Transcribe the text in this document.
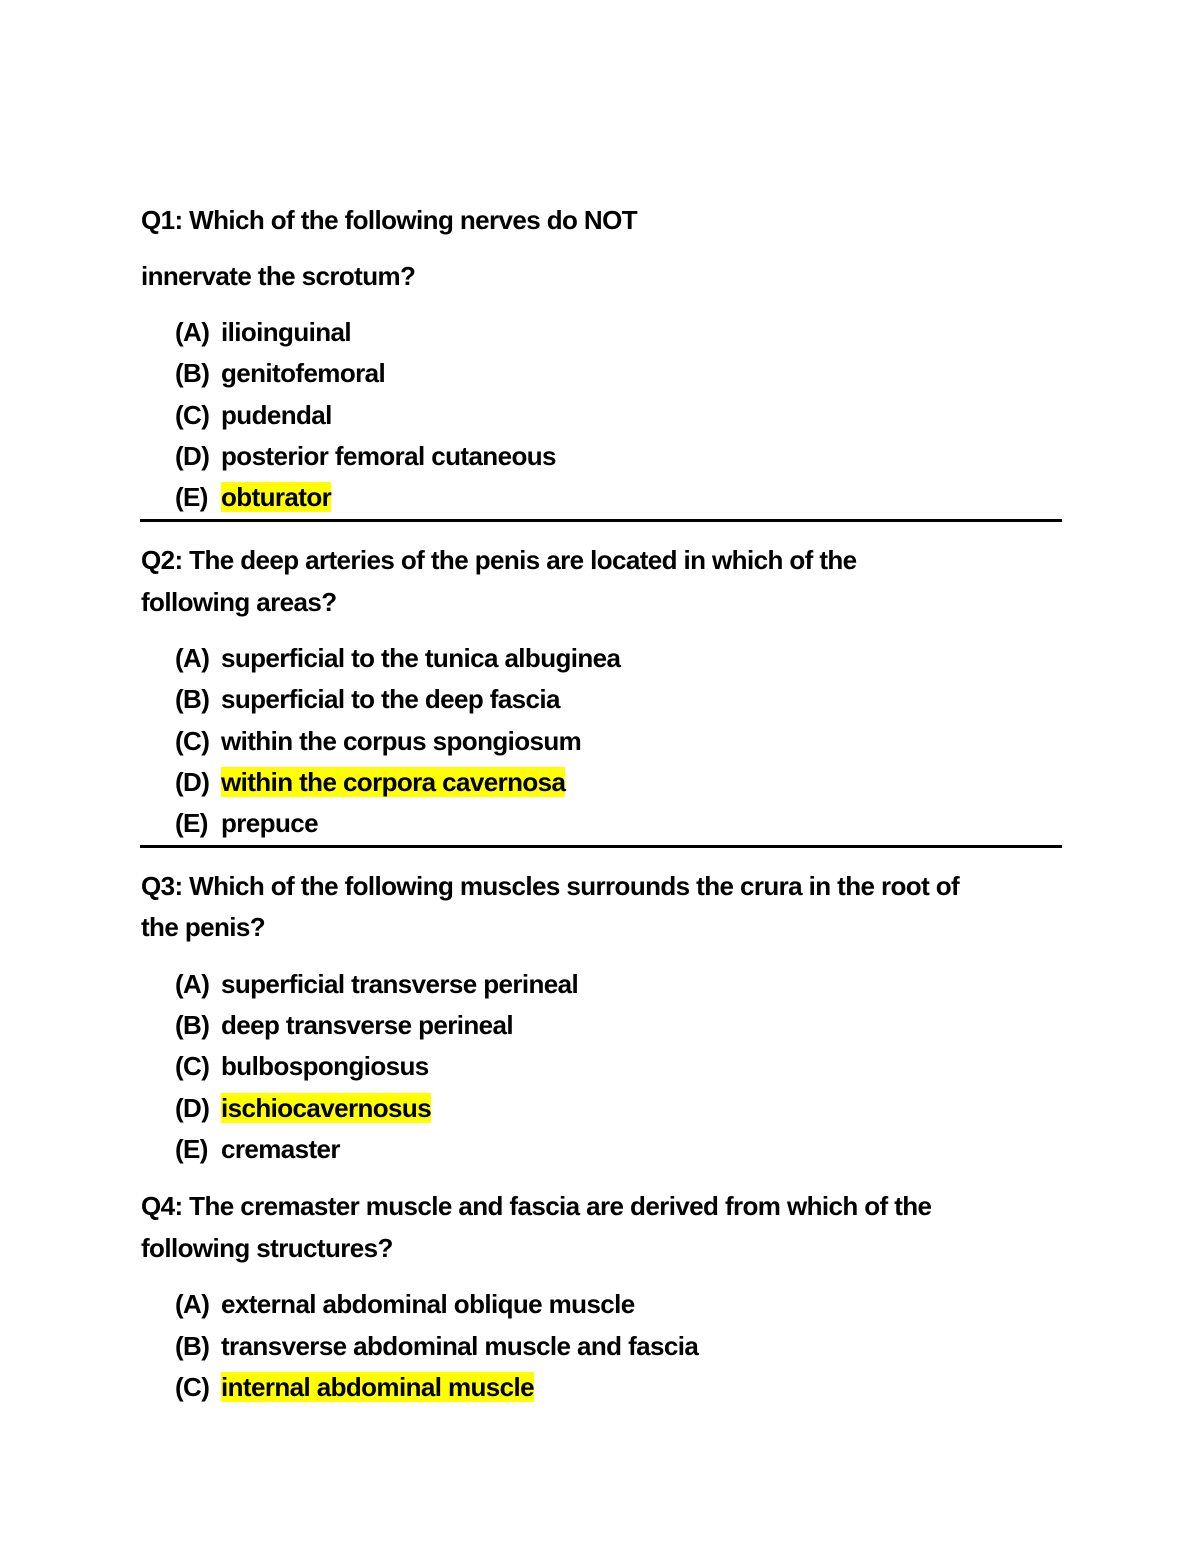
Q1: Which of the following nerves do NOT
innervate the scrotum?
(A) ilioinguinal
(B) genitofemoral
(C) pudendal
(D) posterior femoral cutaneous
(E) obturator
Q2: The deep arteries of the penis are located in which of the
following areas?
(A) superficial to the tunica albuginea
(B) superficial to the deep fascia
(C) within the corpus spongiosum
(D) within the corpora cavernosa
(E) prepuce
Q3: Which of the following muscles surrounds the crura in the root of
the penis?
(A) superficial transverse perineal
(B) deep transverse perineal
(C) bulbospongiosus
(D) ischiocavernosus
(E) cremaster
Q4: The cremaster muscle and fascia are derived from which of the
following structures?
(A) external abdominal oblique muscle
(B) transverse abdominal muscle and fascia
(C) internal abdominal muscle
